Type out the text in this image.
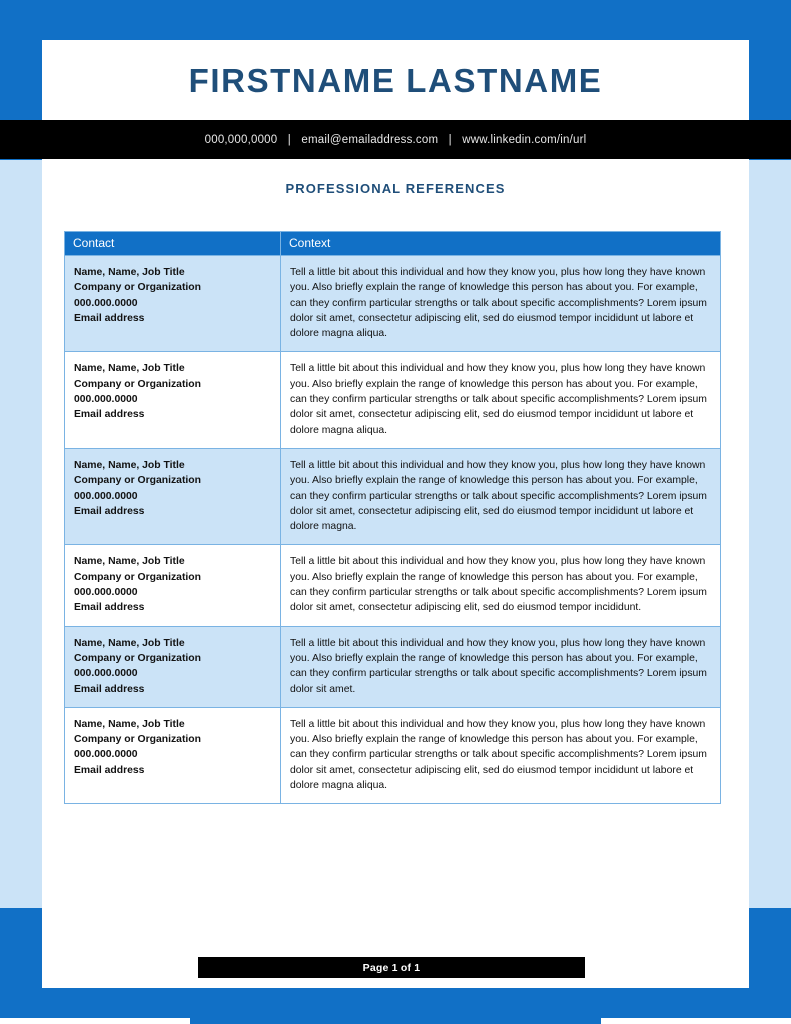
FIRSTNAME LASTNAME
000,000,0000 | email@emailaddress.com | www.linkedin.com/in/url
PROFESSIONAL REFERENCES
Contact	Context

Name, Name, Job Title
Company or Organization
000.000.0000
Email address
	Tell a little bit about this individual and how they know you, plus how long they have known you. Also briefly explain the range of knowledge this person has about you. For example, can they confirm particular strengths or talk about specific accomplishments? Lorem ipsum dolor sit amet, consectetur adipiscing elit, sed do eiusmod tempor incididunt ut labore et dolore magna aliqua.

Name, Name, Job Title
Company or Organization
000.000.0000
Email address
	Tell a little bit about this individual and how they know you, plus how long they have known you. Also briefly explain the range of knowledge this person has about you. For example, can they confirm particular strengths or talk about specific accomplishments? Lorem ipsum dolor sit amet, consectetur adipiscing elit, sed do eiusmod tempor incididunt ut labore et dolore magna aliqua.

Name, Name, Job Title
Company or Organization
000.000.0000
Email address
	Tell a little bit about this individual and how they know you, plus how long they have known you. Also briefly explain the range of knowledge this person has about you. For example, can they confirm particular strengths or talk about specific accomplishments? Lorem ipsum dolor sit amet, consectetur adipiscing elit, sed do eiusmod tempor incididunt ut labore et dolore magna.

Name, Name, Job Title
Company or Organization
000.000.0000
Email address
	Tell a little bit about this individual and how they know you, plus how long they have known you. Also briefly explain the range of knowledge this person has about you. For example, can they confirm particular strengths or talk about specific accomplishments? Lorem ipsum dolor sit amet, consectetur adipiscing elit, sed do eiusmod tempor incididunt.

Name, Name, Job Title
Company or Organization
000.000.0000
Email address
	Tell a little bit about this individual and how they know you, plus how long they have known you. Also briefly explain the range of knowledge this person has about you. For example, can they confirm particular strengths or talk about specific accomplishments? Lorem ipsum dolor sit amet.

Name, Name, Job Title
Company or Organization
000.000.0000
Email address
	Tell a little bit about this individual and how they know you, plus how long they have known you. Also briefly explain the range of knowledge this person has about you. For example, can they confirm particular strengths or talk about specific accomplishments? Lorem ipsum dolor sit amet, consectetur adipiscing elit, sed do eiusmod tempor incididunt ut labore et dolore magna aliqua.
Page 1 of 1
